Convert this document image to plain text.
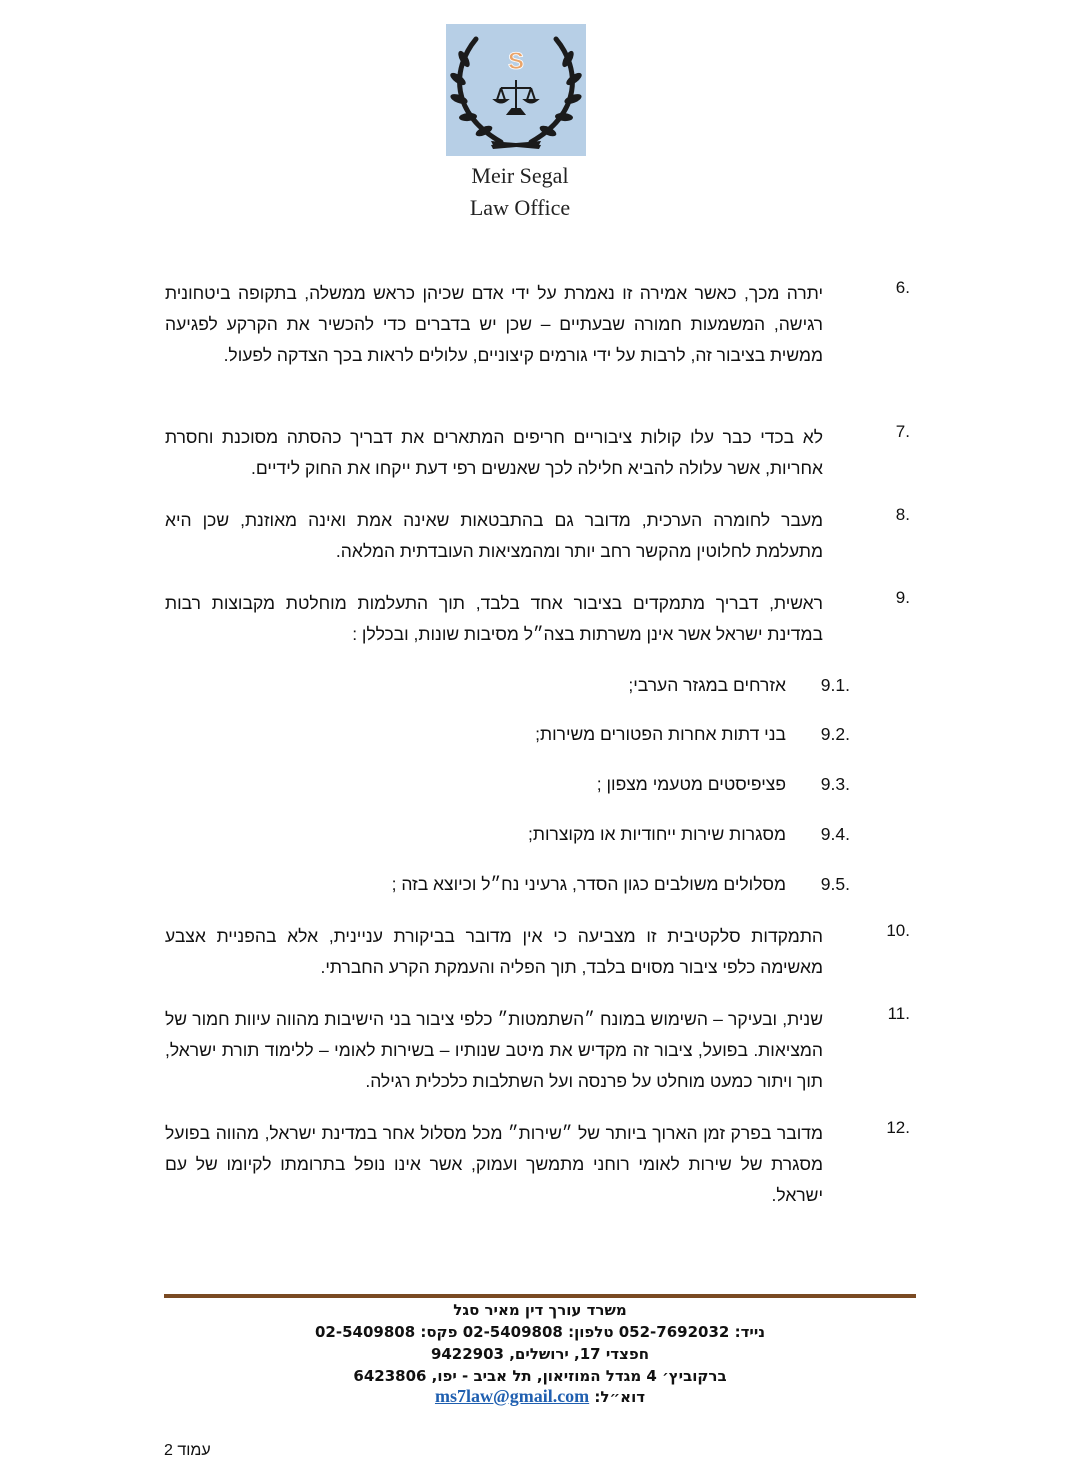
S
Meir Segal
Law Office
.6
יתרה מכך, כאשר אמירה זו נאמרת על ידי אדם שכיהן כראש ממשלה, בתקופה ביטחונית רגישה, המשמעות חמורה שבעתיים – שכן יש בדברים כדי להכשיר את הקרקע לפגיעה ממשית בציבור זה, לרבות על ידי גורמים קיצוניים, עלולים לראות בכך הצדקה לפעול.
.7
לא בכדי כבר עלו קולות ציבוריים חריפים המתארים את דבריך כהסתה מסוכנת וחסרת אחריות, אשר עלולה להביא חלילה לכך שאנשים רפי דעת ייקחו את החוק לידיים.
.8
מעבר לחומרה הערכית, מדובר גם בהתבטאות שאינה אמת ואינה מאוזנת, שכן היא מתעלמת לחלוטין מהקשר רחב יותר ומהמציאות העובדתית המלאה.
.9
ראשית, דבריך מתמקדים בציבור אחד בלבד, תוך התעלמות מוחלטת מקבוצות רבות במדינת ישראל אשר אינן משרתות בצה״ל מסיבות שונות, ובכללן :
.9.1
אזרחים במגזר הערבי;
.9.2
בני דתות אחרות הפטורים משירות;
.9.3
פציפיסטים מטעמי מצפון ;
.9.4
מסגרות שירות ייחודיות או מקוצרות;
.9.5
מסלולים משולבים כגון הסדר, גרעיני נח״ל וכיוצא בזה ;
.10
התמקדות סלקטיבית זו מצביעה כי אין מדובר בביקורת עניינית, אלא בהפניית אצבע מאשימה כלפי ציבור מסוים בלבד, תוך הפליה והעמקת הקרע החברתי.
.11
שנית, ובעיקר – השימוש במונח ״השתמטות״ כלפי ציבור בני הישיבות מהווה עיוות חמור של המציאות. בפועל, ציבור זה מקדיש את מיטב שנותיו – בשירות לאומי – ללימוד תורת ישראל, תוך ויתור כמעט מוחלט על פרנסה ועל השתלבות כלכלית רגילה.
.12
מדובר בפרק זמן הארוך ביותר של ״שירות״ מכל מסלול אחר במדינת ישראל, מהווה בפועל מסגרת של שירות לאומי רוחני מתמשך ועמוק, אשר אינו נופל בתרומתו לקיומו של עם ישראל.
משרד עורך דין מאיר סגל
נייד: 052-7692032 טלפון: 02-5409808 פקס: 02-5409808
חפצדי 17, ירושלים, 9422903
ברקוביץ׳ 4 מגדל המוזיאון, תל אביב - יפו, 6423806
דוא״ל: ms7law@gmail.com
עמוד 2
